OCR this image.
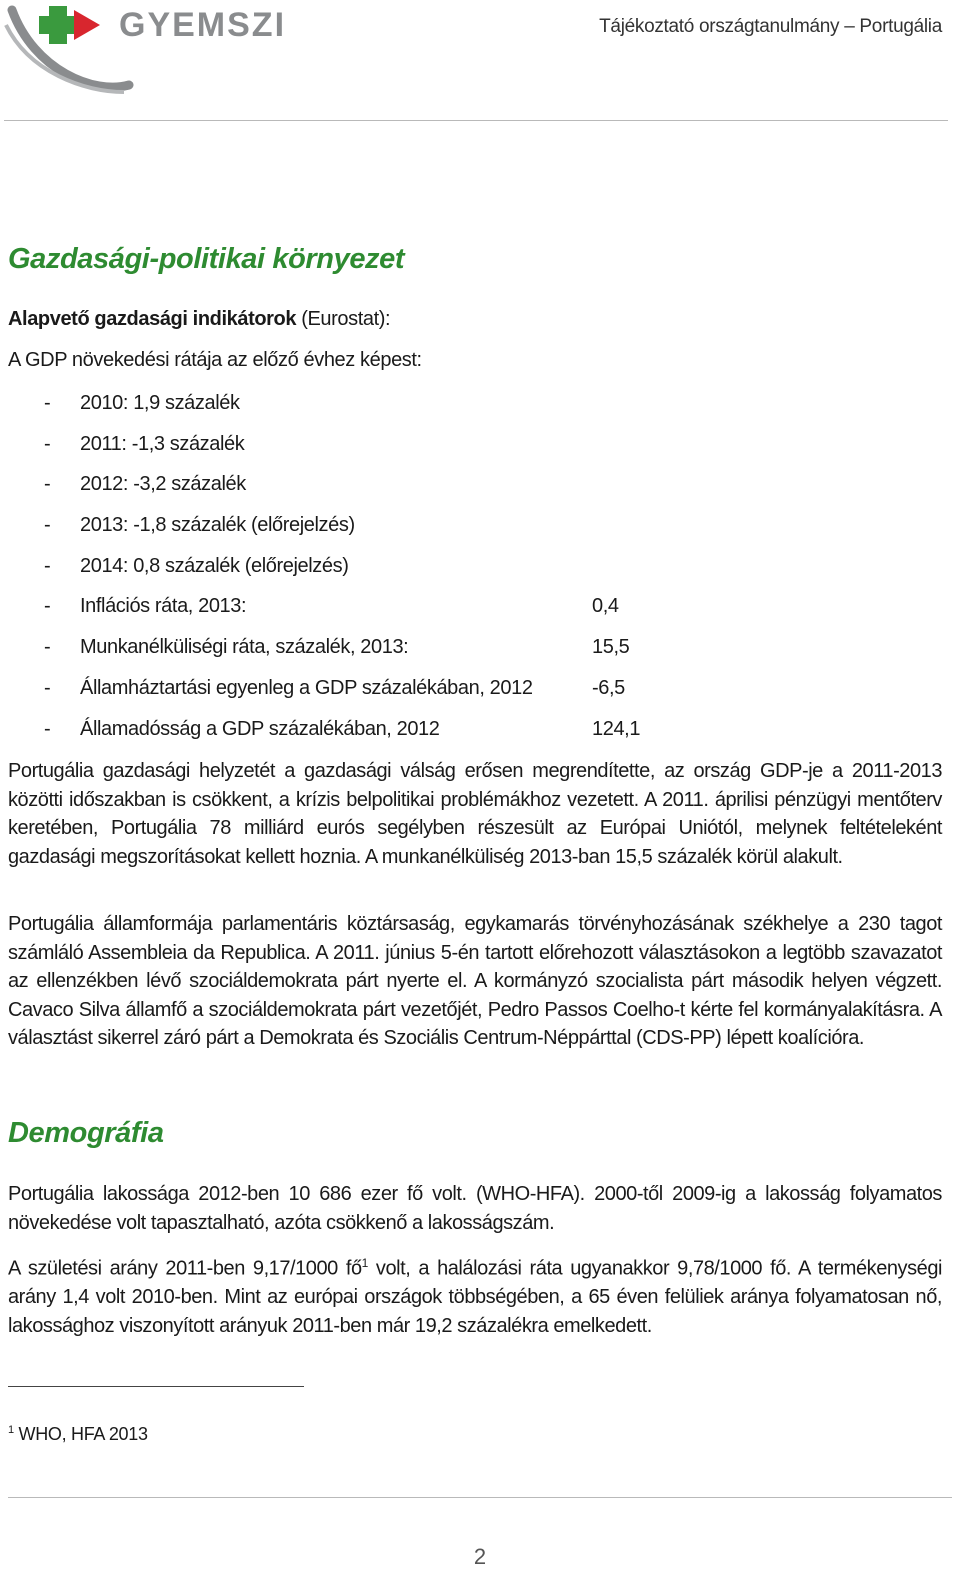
GYEMSZI	Tájékoztató országtanulmány – Portugália
Gazdasági-politikai környezet
Alapvető gazdasági indikátorok (Eurostat):
A GDP növekedési rátája az előző évhez képest:
- 2010: 1,9 százalék
- 2011: -1,3 százalék
- 2012: -3,2 százalék
- 2013: -1,8 százalék (előrejelzés)
- 2014: 0,8 százalék (előrejelzés)
- Inflációs ráta, 2013:	0,4
- Munkanélküliségi ráta, százalék, 2013:	15,5
- Államháztartási egyenleg a GDP százalékában, 2012	-6,5
- Államadósság a GDP százalékában, 2012	124,1

Portugália gazdasági helyzetét a gazdasági válság erősen megrendítette, az ország GDP-je a 2011-2013 közötti időszakban is csökkent, a krízis belpolitikai problémákhoz vezetett. A 2011. áprilisi pénzügyi mentőterv keretében, Portugália 78 milliárd eurós segélyben részesült az Európai Uniótól, melynek feltételeként gazdasági megszorításokat kellett hoznia. A munkanélküliség 2013-ban 15,5 százalék körül alakult.

Portugália államformája parlamentáris köztársaság, egykamarás törvényhozásának székhelye a 230 tagot számláló Assembleia da Republica. A 2011. június 5-én tartott előrehozott választásokon a legtöbb szavazatot az ellenzékben lévő szociáldemokrata párt nyerte el. A kormányzó szocialista párt második helyen végzett. Cavaco Silva államfő a szociáldemokrata párt vezetőjét, Pedro Passos Coelho-t kérte fel kormányalakításra. A választást sikerrel záró párt a Demokrata és Szociális Centrum-Néppárttal (CDS-PP) lépett koalícióra.

Demográfia

Portugália lakossága 2012-ben 10 686 ezer fő volt. (WHO-HFA). 2000-től 2009-ig a lakosság folyamatos növekedése volt tapasztalható, azóta csökkenő a lakosságszám.

A születési arány 2011-ben 9,17/1000 fő$^1$ volt, a halálozási ráta ugyanakkor 9,78/1000 fő. A termékenységi arány 1,4 volt 2010-ben. Mint az európai országok többségében, a 65 éven felüliek aránya folyamatosan nő, lakossághoz viszonyított arányuk 2011-ben már 19,2 százalékra emelkedett.

$^1$ WHO, HFA 2013
2
